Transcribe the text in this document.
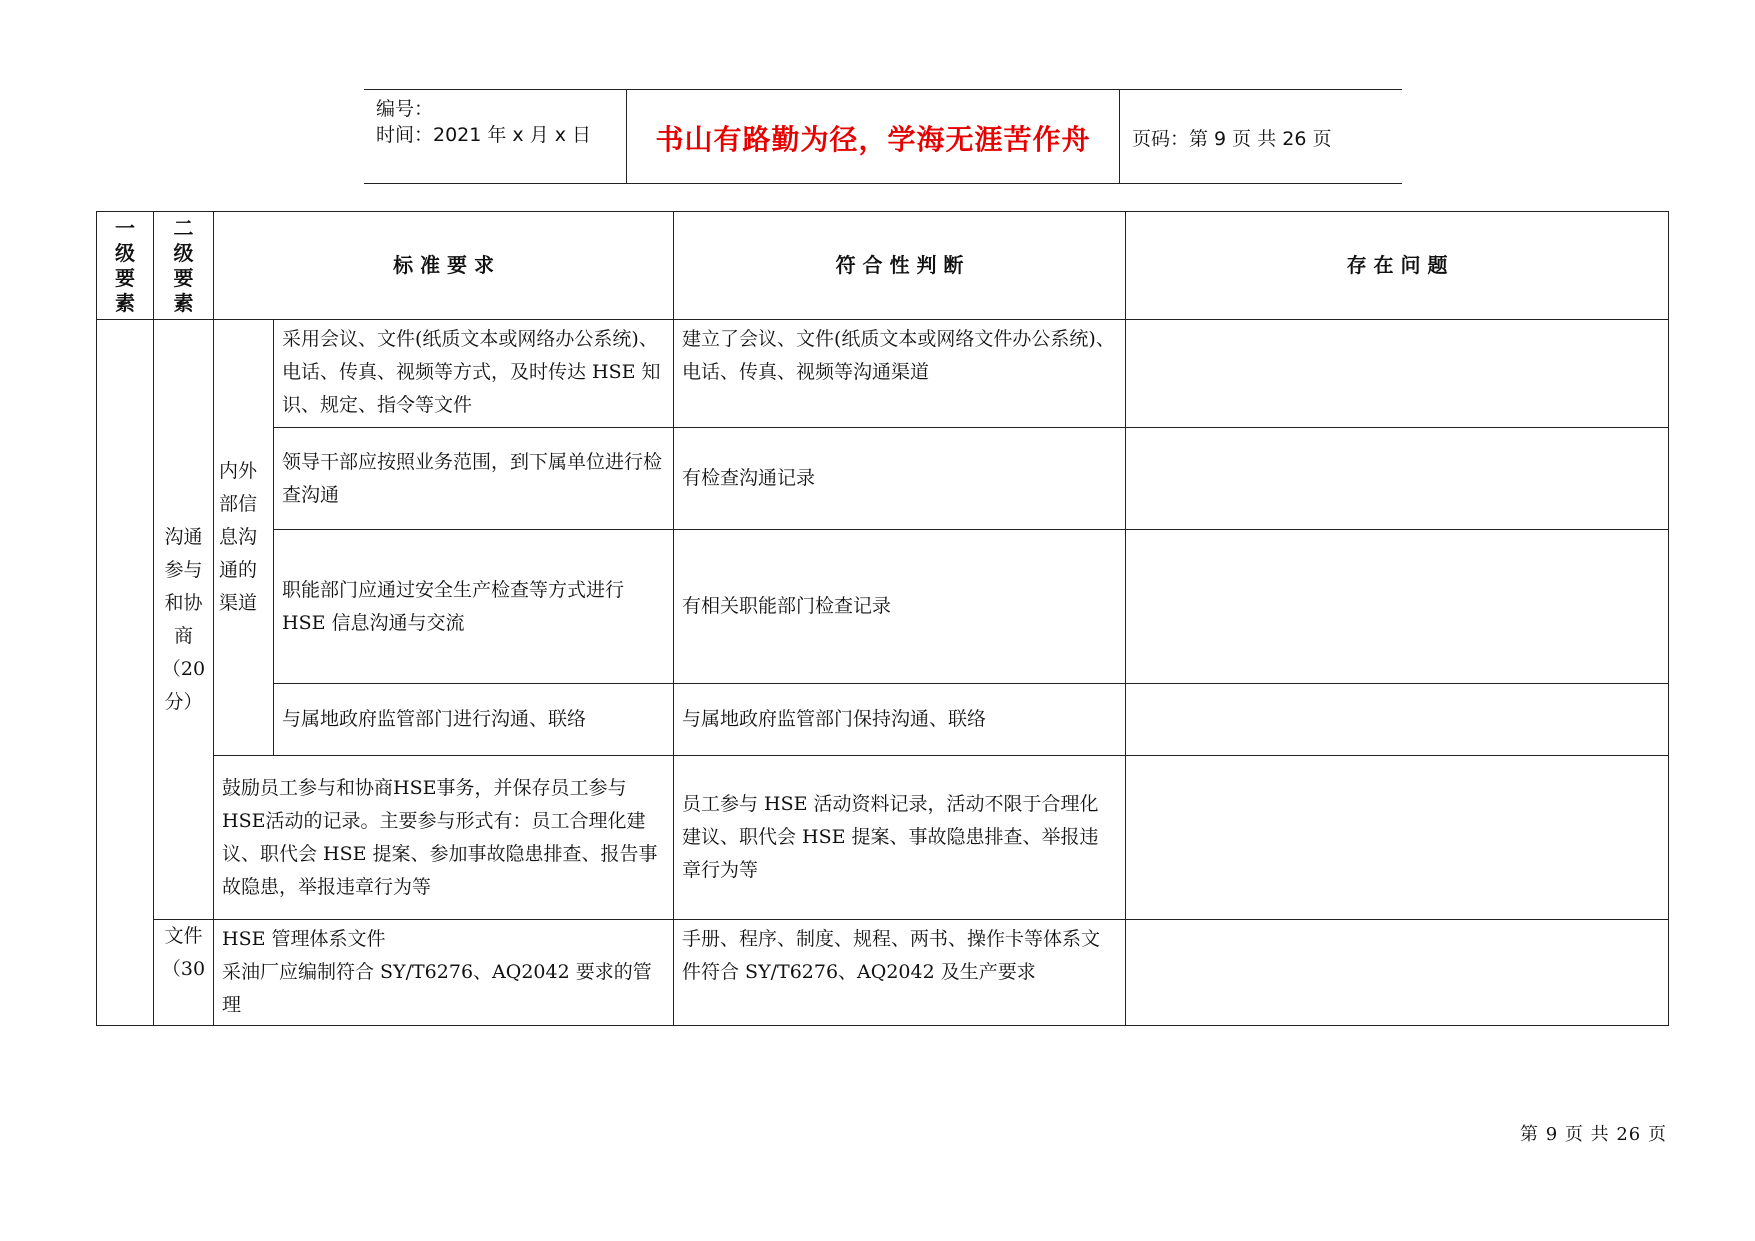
编号：
时间：2021 年 x 月 x 日	书山有路勤为径，学海无涯苦作舟	页码：第 9 页 共 26 页
一
级
要
素	二
级
要
素	标 准 要 求		符 合 性 判 断	存 在 问 题
	沟通参与和协商（20分）	内外部信息沟通的渠道	采用会议、文件(纸质文本或网络办公系统)、电话、传真、视频等方式，及时传达 HSE 知识、规定、指令等文件	建立了会议、文件(纸质文本或网络文件办公系统)、电话、传真、视频等沟通渠道	
			领导干部应按照业务范围，到下属单位进行检查沟通	有检查沟通记录	
			职能部门应通过安全生产检查等方式进行 HSE 信息沟通与交流	有相关职能部门检查记录	
			与属地政府监管部门进行沟通、联络	与属地政府监管部门保持沟通、联络	
		鼓励员工参与和协商HSE事务，并保存员工参与HSE活动的记录。主要参与形式有：员工合理化建议、职代会 HSE 提案、参加事故隐患排查、报告事故隐患，举报违章行为等		员工参与 HSE 活动资料记录，活动不限于合理化建议、职代会 HSE 提案、事故隐患排查、举报违章行为等	
	文件（30	HSE 管理体系文件
采油厂应编制符合 SY/T6276、AQ2042 要求的管理		手册、程序、制度、规程、两书、操作卡等体系文件符合 SY/T6276、AQ2042 及生产要求	
第 9 页 共 26 页
